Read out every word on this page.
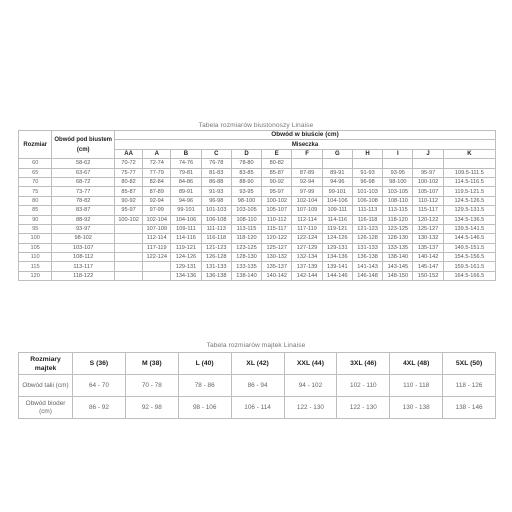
Tabela rozmiarów biustonoszy Linaise
Rozmiar	Obwód pod biustem (cm)	Obwód w biuście (cm)											
		Miseczka											
		AA	A	B	C	D	E	F	G	H	I	J	K
60	58-62	70-72	72-74	74-76	76-78	78-80	80-82						
65	63-67	75-77	77-79	79-81	81-83	83-85	85-87	87-89	89-91	91-93	93-95	95-97	109.5-111.5
70	68-72	80-82	82-84	84-86	86-88	88-90	90-92	92-94	94-96	96-98	98-100	100-102	114.5-116.5
75	73-77	85-87	87-89	89-91	91-93	93-95	95-97	97-99	99-101	101-103	103-105	105-107	119.5-121.5
80	78-82	90-92	92-94	94-96	96-98	98-100	100-102	102-104	104-106	106-108	108-110	110-112	124.5-126.5
85	83-87	95-97	97-99	99-101	101-103	103-105	105-107	107-109	109-111	111-113	113-115	115-117	129.5-131.5
90	88-92	100-102	102-104	104-106	106-108	108-110	110-112	112-114	114-116	116-118	118-120	120-122	134.5-136.5
95	93-97		107-109	109-111	111-113	113-115	115-117	117-119	119-121	121-123	123-125	125-127	139.5-141.5
100	98-102		112-114	114-116	116-118	118-120	120-122	122-124	124-126	126-128	128-130	130-132	144.5-146.5
105	103-107		117-119	119-121	121-123	123-125	125-127	127-129	129-131	131-133	133-135	135-137	149.5-151.5
110	108-112		122-124	124-126	126-128	128-130	130-132	132-134	134-136	136-138	138-140	140-142	154.5-156.5
115	113-117			129-131	131-133	133-135	135-137	137-139	139-141	141-143	143-145	145-147	159.5-161.5
120	118-122			134-136	136-138	138-140	140-142	142-144	144-146	146-148	148-150	150-152	164.5-166.5
Tabela rozmiarów majtek Linaise
Rozmiary majtek	S (36)	M (38)	L (40)	XL (42)	XXL (44)	3XL (46)	4XL (48)	5XL (50)
Obwód talii (cm)	64 - 70	70 - 78	78 - 86	86 - 94	94 - 102	102 - 110	110 - 118	118 - 126
Obwód bioder (cm)	86 - 92	92 - 98	98 - 106	106 - 114	122 - 130	122 - 130	130 - 138	138 - 146
